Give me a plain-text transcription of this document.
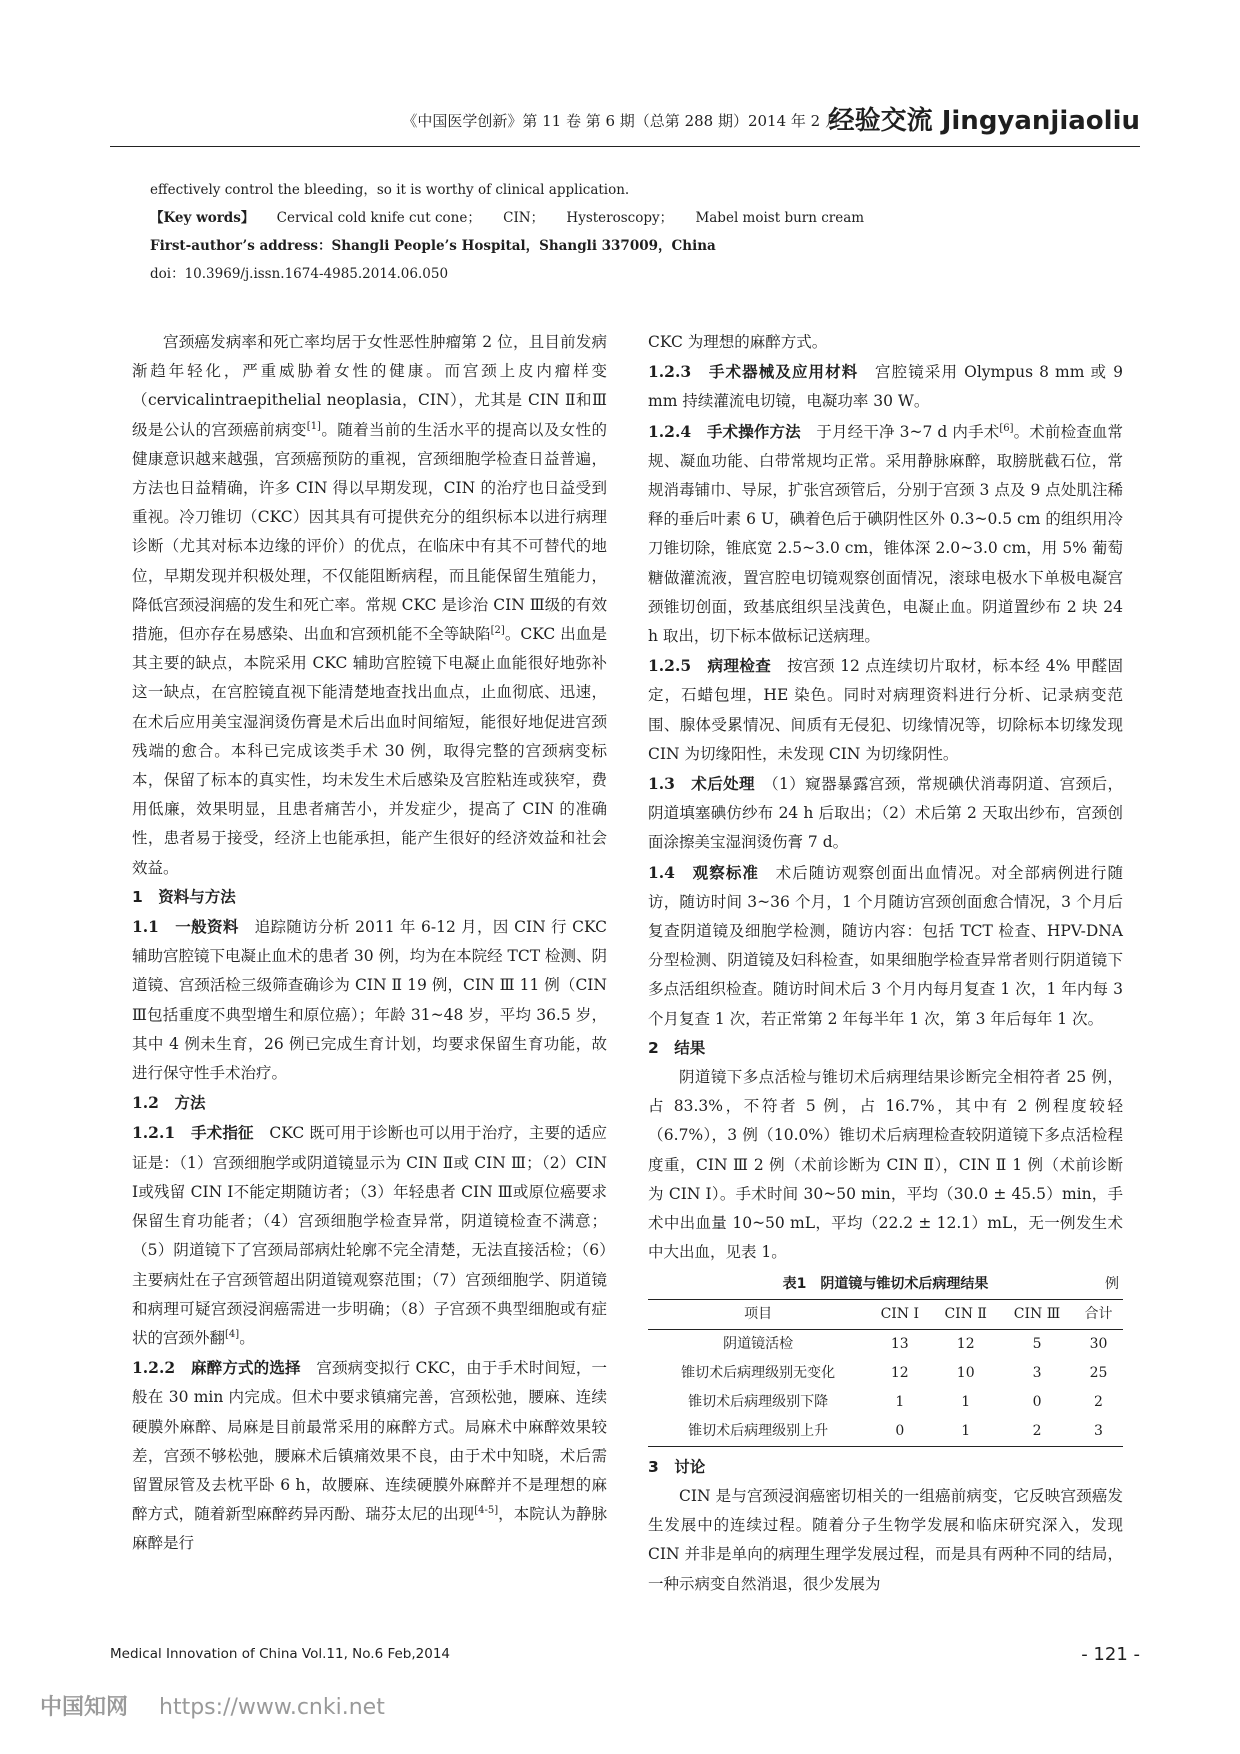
《中国医学创新》第 11 卷 第 6 期（总第 288 期）2014 年 2 月
经验交流 Jingyanjiaoliu
effectively control the bleeding，so it is worthy of clinical application.
【Key words】 Cervical cold knife cut cone； CIN； Hysteroscopy； Mabel moist burn cream
First-author’s address：Shangli People’s Hospital，Shangli 337009，China
doi：10.3969/j.issn.1674-4985.2014.06.050

宫颈癌发病率和死亡率均居于女性恶性肿瘤第 2 位，且目前发病渐趋年轻化，严重威胁着女性的健康。而宫颈上皮内瘤样变（cervicalintraepithelial neoplasia，CIN），尤其是 CIN Ⅱ和Ⅲ级是公认的宫颈癌前病变[1]。随着当前的生活水平的提高以及女性的健康意识越来越强，宫颈癌预防的重视，宫颈细胞学检查日益普遍，方法也日益精确，许多 CIN 得以早期发现，CIN 的治疗也日益受到重视。冷刀锥切（CKC）因其具有可提供充分的组织标本以进行病理诊断（尤其对标本边缘的评价）的优点，在临床中有其不可替代的地位，早期发现并积极处理，不仅能阻断病程，而且能保留生殖能力，降低宫颈浸润癌的发生和死亡率。常规 CKC 是诊治 CIN Ⅲ级的有效措施，但亦存在易感染、出血和宫颈机能不全等缺陷[2]。CKC 出血是其主要的缺点，本院采用 CKC 辅助宫腔镜下电凝止血能很好地弥补这一缺点，在宫腔镜直视下能清楚地查找出血点，止血彻底、迅速，在术后应用美宝湿润烫伤膏是术后出血时间缩短，能很好地促进宫颈残端的愈合。本科已完成该类手术 30 例，取得完整的宫颈病变标本，保留了标本的真实性，均未发生术后感染及宫腔粘连或狭窄，费用低廉，效果明显，且患者痛苦小，并发症少，提高了 CIN 的准确性，患者易于接受，经济上也能承担，能产生很好的经济效益和社会效益。

1　资料与方法

1.1　一般资料　追踪随访分析 2011 年 6-12 月，因 CIN 行 CKC 辅助宫腔镜下电凝止血术的患者 30 例，均为在本院经 TCT 检测、阴道镜、宫颈活检三级筛查确诊为 CIN Ⅱ 19 例，CIN Ⅲ 11 例（CIN Ⅲ包括重度不典型增生和原位癌）；年龄 31~48 岁，平均 36.5 岁，其中 4 例未生育，26 例已完成生育计划，均要求保留生育功能，故进行保守性手术治疗。

1.2　方法

1.2.1　手术指征　CKC 既可用于诊断也可以用于治疗，主要的适应证是：（1）宫颈细胞学或阴道镜显示为 CIN Ⅱ或 CIN Ⅲ；（2）CIN Ⅰ或残留 CIN Ⅰ不能定期随访者；（3）年轻患者 CIN Ⅲ或原位癌要求保留生育功能者；（4）宫颈细胞学检查异常，阴道镜检查不满意；（5）阴道镜下了宫颈局部病灶轮廓不完全清楚，无法直接活检；（6）主要病灶在子宫颈管超出阴道镜观察范围；（7）宫颈细胞学、阴道镜和病理可疑宫颈浸润癌需进一步明确；（8）子宫颈不典型细胞或有症状的宫颈外翻[4]。

1.2.2　麻醉方式的选择　宫颈病变拟行 CKC，由于手术时间短，一般在 30 min 内完成。但术中要求镇痛完善，宫颈松弛，腰麻、连续硬膜外麻醉、局麻是目前最常采用的麻醉方式。局麻术中麻醉效果较差，宫颈不够松弛，腰麻术后镇痛效果不良，由于术中知晓，术后需留置尿管及去枕平卧 6 h，故腰麻、连续硬膜外麻醉并不是理想的麻醉方式，随着新型麻醉药异丙酚、瑞芬太尼的出现[4-5]，本院认为静脉麻醉是行

CKC 为理想的麻醉方式。

1.2.3　手术器械及应用材料　宫腔镜采用 Olympus 8 mm 或 9 mm 持续灌流电切镜，电凝功率 30 W。

1.2.4　手术操作方法　于月经干净 3~7 d 内手术[6]。术前检查血常规、凝血功能、白带常规均正常。采用静脉麻醉，取膀胱截石位，常规消毒铺巾、导尿，扩张宫颈管后，分别于宫颈 3 点及 9 点处肌注稀释的垂后叶素 6 U，碘着色后于碘阴性区外 0.3~0.5 cm 的组织用冷刀锥切除，锥底宽 2.5~3.0 cm，锥体深 2.0~3.0 cm，用 5% 葡萄糖做灌流液，置宫腔电切镜观察创面情况，滚球电极水下单极电凝宫颈锥切创面，致基底组织呈浅黄色，电凝止血。阴道置纱布 2 块 24 h 取出，切下标本做标记送病理。

1.2.5　病理检查　按宫颈 12 点连续切片取材，标本经 4% 甲醛固定，石蜡包埋，HE 染色。同时对病理资料进行分析、记录病变范围、腺体受累情况、间质有无侵犯、切缘情况等，切除标本切缘发现 CIN 为切缘阳性，未发现 CIN 为切缘阴性。

1.3　术后处理　（1）窥器暴露宫颈，常规碘伏消毒阴道、宫颈后，阴道填塞碘仿纱布 24 h 后取出；（2）术后第 2 天取出纱布，宫颈创面涂擦美宝湿润烫伤膏 7 d。

1.4　观察标准　术后随访观察创面出血情况。对全部病例进行随访，随访时间 3~36 个月，1 个月随访宫颈创面愈合情况，3 个月后复查阴道镜及细胞学检测，随访内容：包括 TCT 检查、HPV-DNA 分型检测、阴道镜及妇科检查，如果细胞学检查异常者则行阴道镜下多点活组织检查。随访时间术后 3 个月内每月复查 1 次，1 年内每 3 个月复查 1 次，若正常第 2 年每半年 1 次，第 3 年后每年 1 次。

2　结果

阴道镜下多点活检与锥切术后病理结果诊断完全相符者 25 例，占 83.3%，不符者 5 例，占 16.7%，其中有 2 例程度较轻（6.7%），3 例（10.0%）锥切术后病理检查较阴道镜下多点活检程度重，CIN Ⅲ 2 例（术前诊断为 CIN Ⅱ），CIN Ⅱ 1 例（术前诊断为 CIN Ⅰ）。手术时间 30~50 min，平均（30.0 ± 45.5）min，手术中出血量 10~50 mL，平均（22.2 ± 12.1）mL，无一例发生术中大出血，见表 1。

表1　阴道镜与锥切术后病理结果	例
项目	CIN Ⅰ	CIN Ⅱ	CIN Ⅲ	合计
阴道镜活检	13	12	5	30
锥切术后病理级别无变化	12	10	3	25
锥切术后病理级别下降	1	1	0	2
锥切术后病理级别上升	0	1	2	3
3　讨论

CIN 是与宫颈浸润癌密切相关的一组癌前病变，它反映宫颈癌发生发展中的连续过程。随着分子生物学发展和临床研究深入，发现 CIN 并非是单向的病理生理学发展过程，而是具有两种不同的结局，一种示病变自然消退，很少发展为

Medical Innovation of China Vol.11, No.6 Feb,2014	- 121 -
中国知网 https://www.cnki.net
